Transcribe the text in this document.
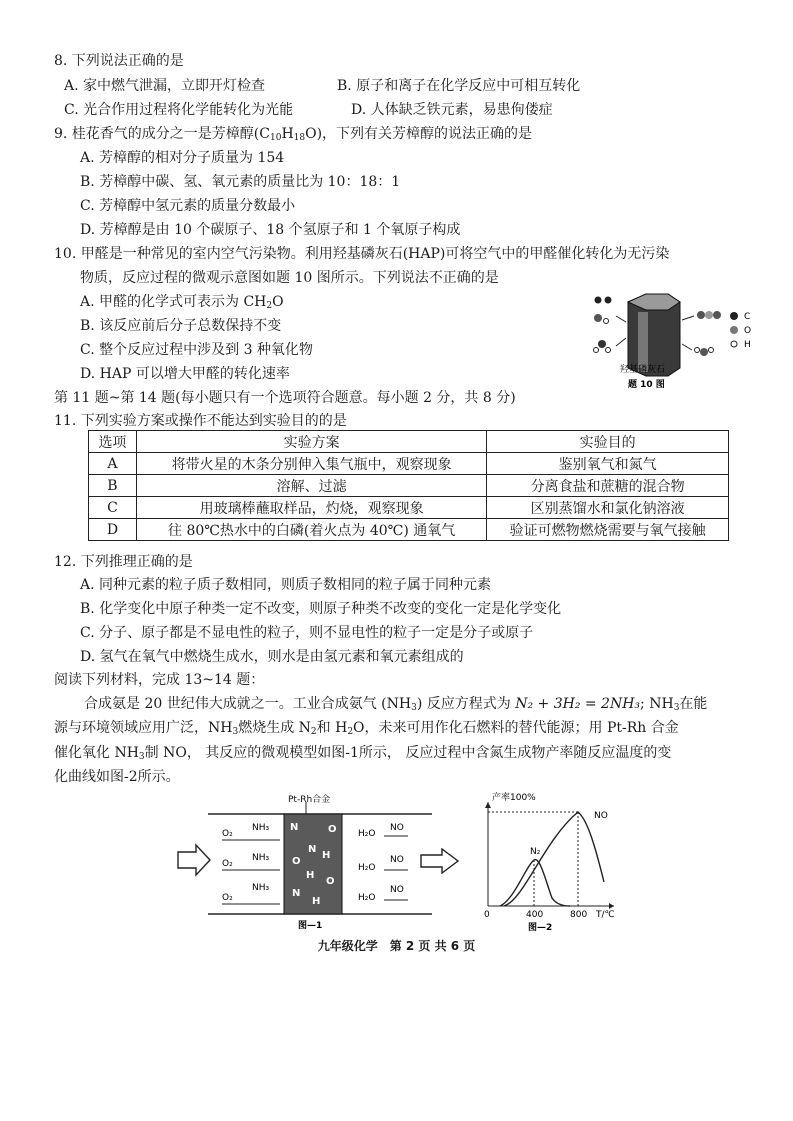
8. 下列说法正确的是
A. 家中燃气泄漏，立即开灯检查	B. 原子和离子在化学反应中可相互转化
C. 光合作用过程将化学能转化为光能	D. 人体缺乏铁元素，易患佝偻症
9. 桂花香气的成分之一是芳樟醇$(C_{10}H_{18}O)$，下列有关芳樟醇的说法正确的是
A. 芳樟醇的相对分子质量为 154
B. 芳樟醇中碳、氢、氧元素的质量比为 10：18：1
C. 芳樟醇中氢元素的质量分数最小
D. 芳樟醇是由 10 个碳原子、18 个氢原子和 1 个氧原子构成
10. 甲醛是一种常见的室内空气污染物。利用羟基磷灰石(HAP)可将空气中的甲醛催化转化为无污染
物质，反应过程的微观示意图如题 10 图所示。下列说法不正确的是
A. 甲醛的化学式可表示为 $CH_2O$
B. 该反应前后分子总数保持不变
C. 整个反应过程中涉及到 3 种氧化物
D. HAP 可以增大甲醛的转化速率
C
O
H
羟基磷灰石
题 10 图
第 11 题~第 14 题(每小题只有一个选项符合题意。每小题 2 分，共 8 分)
11. 下列实验方案或操作不能达到实验目的的是
选项	实验方案	实验目的
A	将带火星的木条分别伸入集气瓶中，观察现象	鉴别氧气和氮气
B	溶解、过滤	分离食盐和蔗糖的混合物
C	用玻璃棒蘸取样品，灼烧，观察现象	区别蒸馏水和氯化钠溶液
D	往 80℃热水中的白磷(着火点为 40℃) 通氧气	验证可燃物燃烧需要与氧气接触
12. 下列推理正确的是
A. 同种元素的粒子质子数相同，则质子数相同的粒子属于同种元素
B. 化学变化中原子种类一定不改变，则原子种类不改变的变化一定是化学变化
C. 分子、原子都是不显电性的粒子，则不显电性的粒子一定是分子或原子
D. 氢气在氧气中燃烧生成水，则水是由氢元素和氧元素组成的
阅读下列材料，完成 13~14 题：
合成氨是 20 世纪伟大成就之一。工业合成氨气 $(NH_3)$ 反应方程式为 N₂ + 3H₂ = 2NH₃; $NH_3$在能
源与环境领域应用广泛，$NH_3$燃烧生成 $N_2$和 $H_2O$，未来可用作化石燃料的替代能源；用 Pt-Rh 合金
催化氧化 $NH_3$制 NO， 其反应的微观模型如图-1所示， 反应过程中含氮生成物产率随反应温度的变
化曲线如图-2所示。
Pt-Rh合金
O₂
NH₃
O₂
NH₃
O₂
NH₃
N	O
N
H
O
H
N
O
H
H₂O
NO
H₂O
NO
H₂O
NO
图—1
产率100%
N₂
NO
0	400	800 T/℃
图—2
九年级化学　第 2 页 共 6 页
